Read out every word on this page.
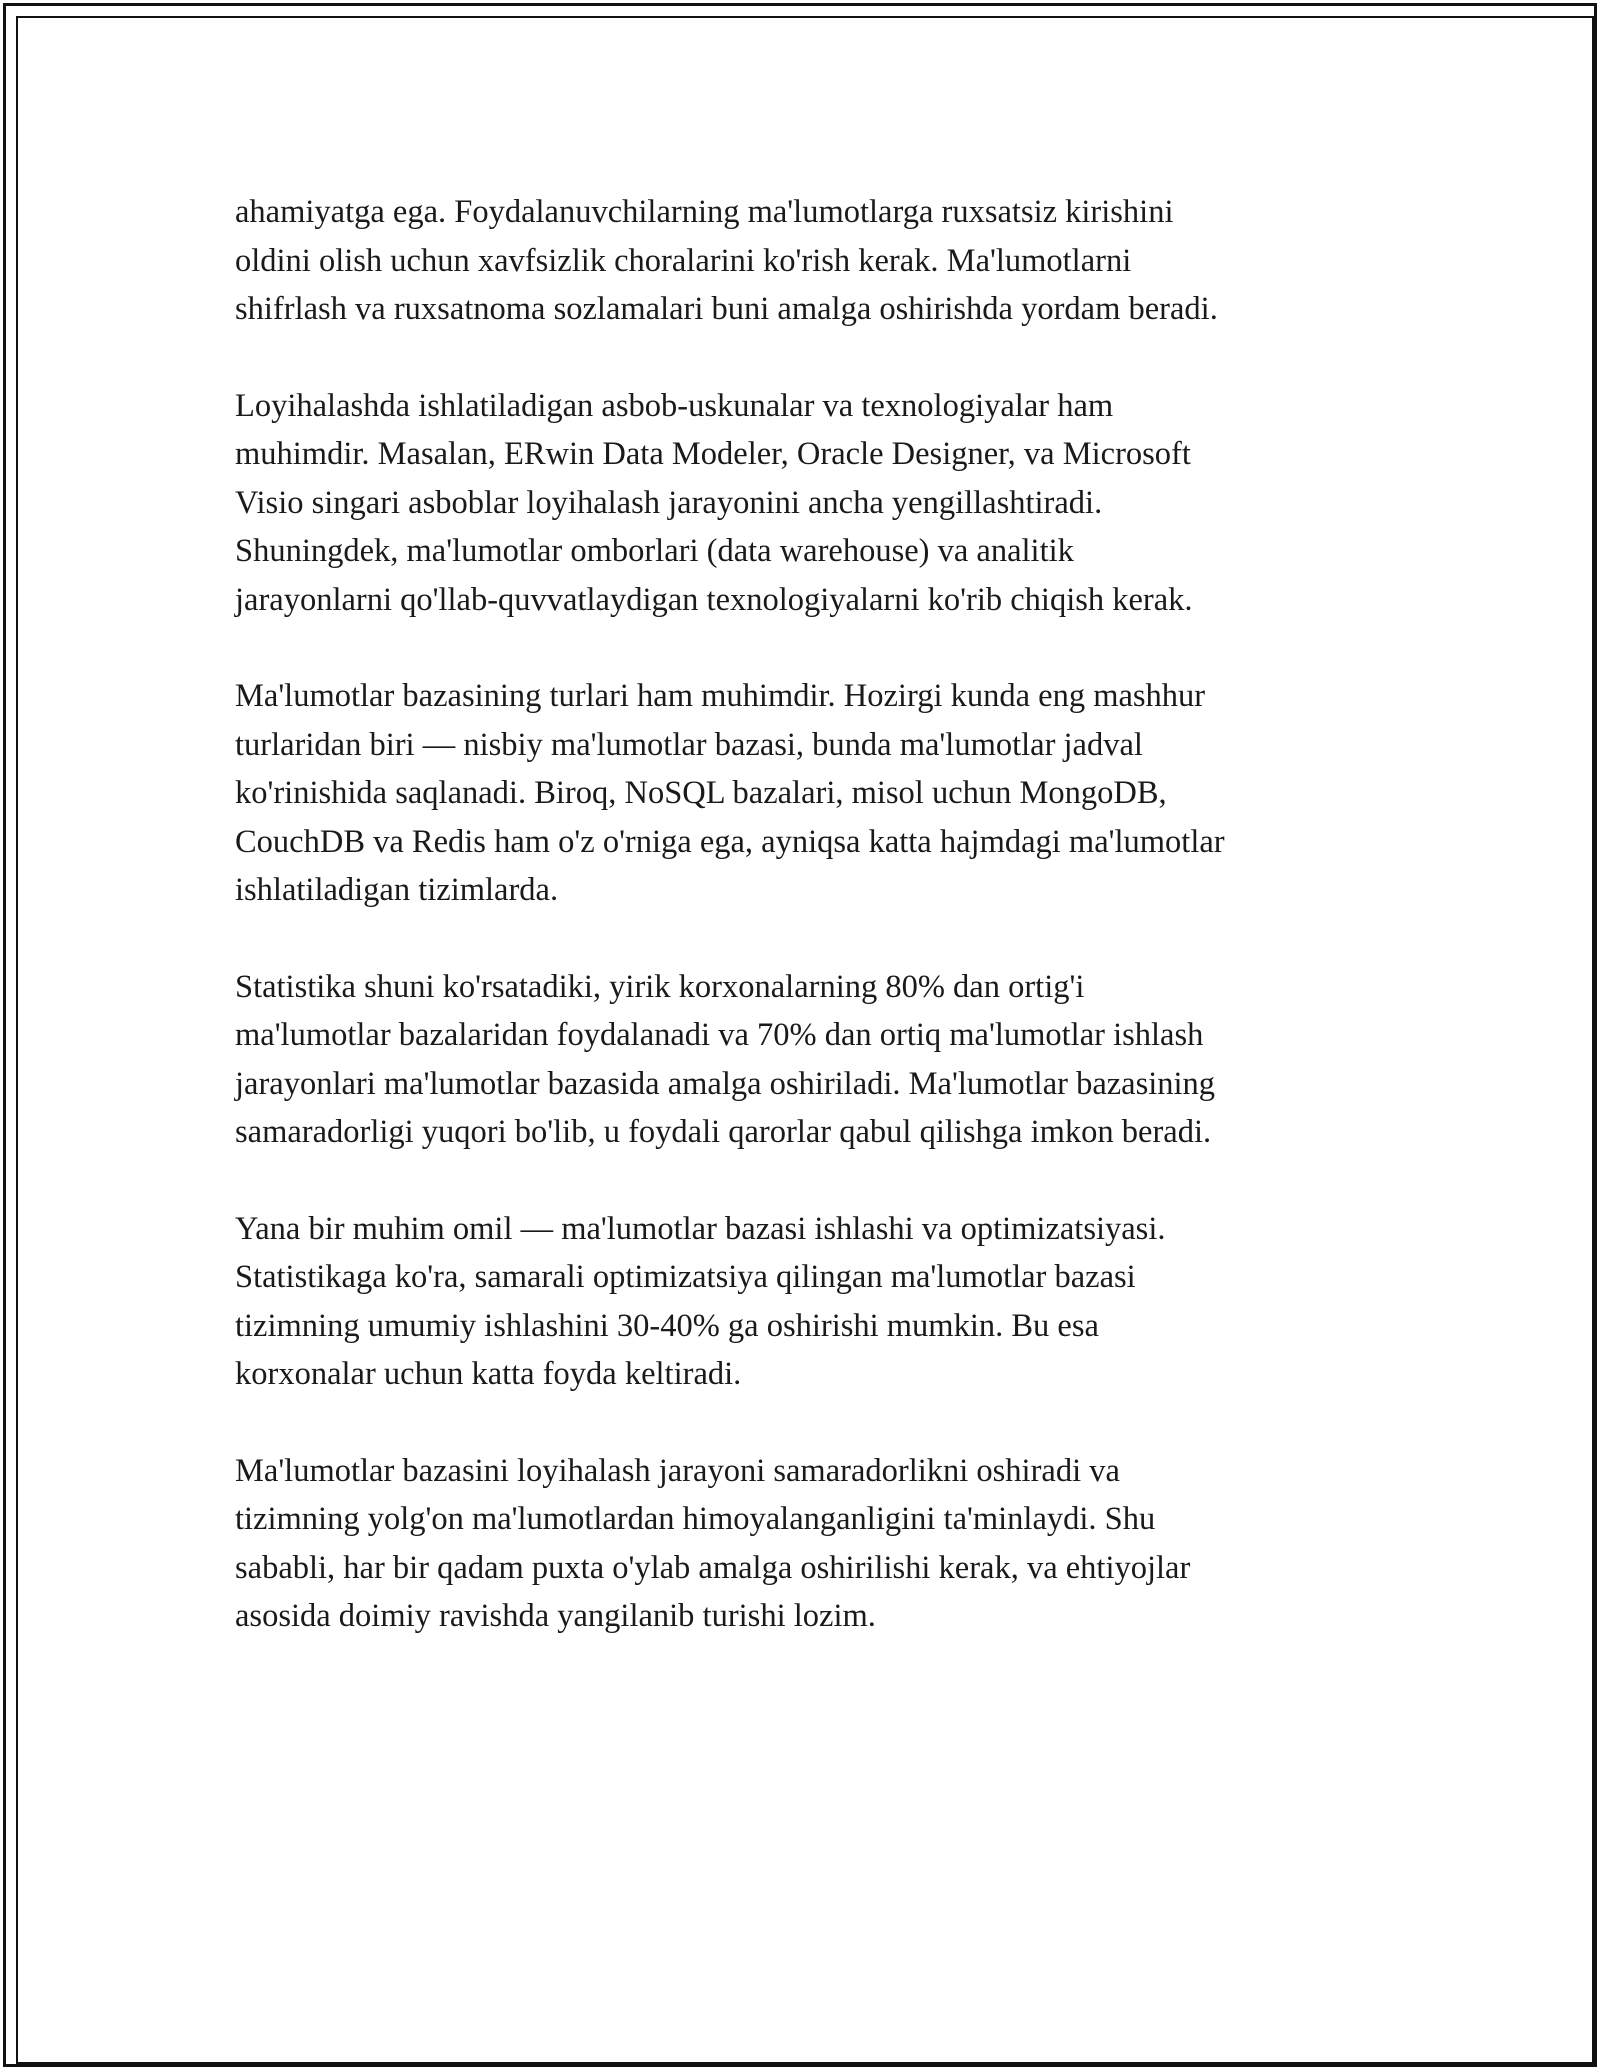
ahamiyatga ega. Foydalanuvchilarning ma'lumotlarga ruxsatsiz kirishini
oldini olish uchun xavfsizlik choralarini ko'rish kerak. Ma'lumotlarni
shifrlash va ruxsatnoma sozlamalari buni amalga oshirishda yordam beradi.

Loyihalashda ishlatiladigan asbob-uskunalar va texnologiyalar ham
muhimdir. Masalan, ERwin Data Modeler, Oracle Designer, va Microsoft
Visio singari asboblar loyihalash jarayonini ancha yengillashtiradi.
Shuningdek, ma'lumotlar omborlari (data warehouse) va analitik
jarayonlarni qo'llab-quvvatlaydigan texnologiyalarni ko'rib chiqish kerak.

Ma'lumotlar bazasining turlari ham muhimdir. Hozirgi kunda eng mashhur
turlaridan biri — nisbiy ma'lumotlar bazasi, bunda ma'lumotlar jadval
ko'rinishida saqlanadi. Biroq, NoSQL bazalari, misol uchun MongoDB,
CouchDB va Redis ham o'z o'rniga ega, ayniqsa katta hajmdagi ma'lumotlar
ishlatiladigan tizimlarda.

Statistika shuni ko'rsatadiki, yirik korxonalarning 80% dan ortig'i
ma'lumotlar bazalaridan foydalanadi va 70% dan ortiq ma'lumotlar ishlash
jarayonlari ma'lumotlar bazasida amalga oshiriladi. Ma'lumotlar bazasining
samaradorligi yuqori bo'lib, u foydali qarorlar qabul qilishga imkon beradi.

Yana bir muhim omil — ma'lumotlar bazasi ishlashi va optimizatsiyasi.
Statistikaga ko'ra, samarali optimizatsiya qilingan ma'lumotlar bazasi
tizimning umumiy ishlashini 30-40% ga oshirishi mumkin. Bu esa
korxonalar uchun katta foyda keltiradi.

Ma'lumotlar bazasini loyihalash jarayoni samaradorlikni oshiradi va
tizimning yolg'on ma'lumotlardan himoyalanganligini ta'minlaydi. Shu
sababli, har bir qadam puxta o'ylab amalga oshirilishi kerak, va ehtiyojlar
asosida doimiy ravishda yangilanib turishi lozim.
